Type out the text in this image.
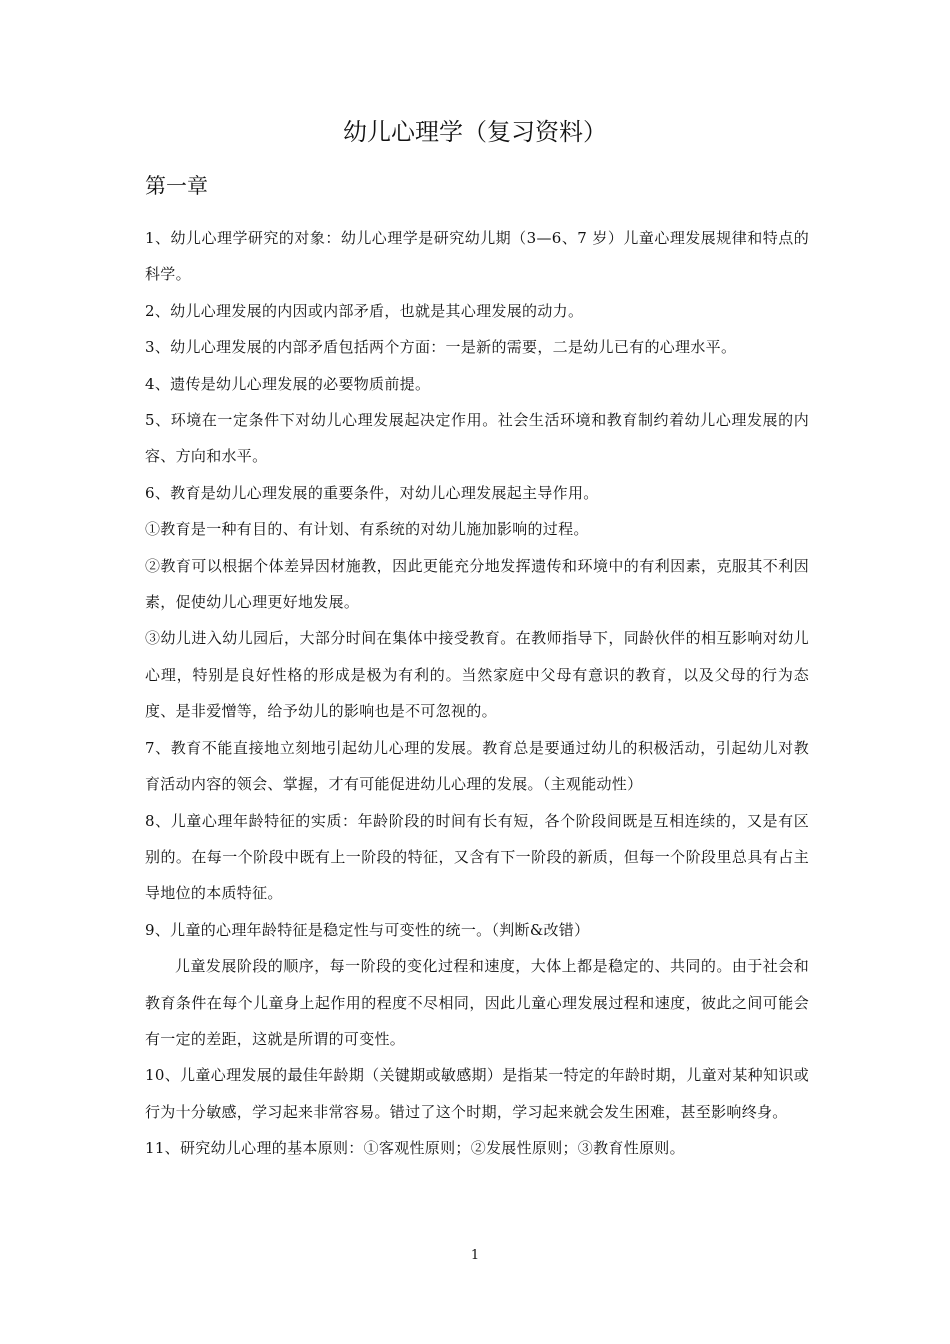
幼儿心理学（复习资料）
第一章

1、幼儿心理学研究的对象：幼儿心理学是研究幼儿期（3—6、7 岁）儿童心理发展规律和特点的科学。

2、幼儿心理发展的内因或内部矛盾，也就是其心理发展的动力。

3、幼儿心理发展的内部矛盾包括两个方面：一是新的需要，二是幼儿已有的心理水平。

4、遗传是幼儿心理发展的必要物质前提。

5、环境在一定条件下对幼儿心理发展起决定作用。社会生活环境和教育制约着幼儿心理发展的内容、方向和水平。

6、教育是幼儿心理发展的重要条件，对幼儿心理发展起主导作用。

①教育是一种有目的、有计划、有系统的对幼儿施加影响的过程。

②教育可以根据个体差异因材施教，因此更能充分地发挥遗传和环境中的有利因素，克服其不利因素，促使幼儿心理更好地发展。

③幼儿进入幼儿园后，大部分时间在集体中接受教育。在教师指导下，同龄伙伴的相互影响对幼儿心理，特别是良好性格的形成是极为有利的。当然家庭中父母有意识的教育，以及父母的行为态度、是非爱憎等，给予幼儿的影响也是不可忽视的。

7、教育不能直接地立刻地引起幼儿心理的发展。教育总是要通过幼儿的积极活动，引起幼儿对教育活动内容的领会、掌握，才有可能促进幼儿心理的发展。（主观能动性）

8、儿童心理年龄特征的实质：年龄阶段的时间有长有短，各个阶段间既是互相连续的，又是有区别的。在每一个阶段中既有上一阶段的特征，又含有下一阶段的新质，但每一个阶段里总具有占主导地位的本质特征。

9、儿童的心理年龄特征是稳定性与可变性的统一。（判断&改错）

儿童发展阶段的顺序，每一阶段的变化过程和速度，大体上都是稳定的、共同的。由于社会和教育条件在每个儿童身上起作用的程度不尽相同，因此儿童心理发展过程和速度，彼此之间可能会有一定的差距，这就是所谓的可变性。

10、儿童心理发展的最佳年龄期（关键期或敏感期）是指某一特定的年龄时期，儿童对某种知识或行为十分敏感，学习起来非常容易。错过了这个时期，学习起来就会发生困难，甚至影响终身。

11、研究幼儿心理的基本原则：①客观性原则；②发展性原则；③教育性原则。

1
